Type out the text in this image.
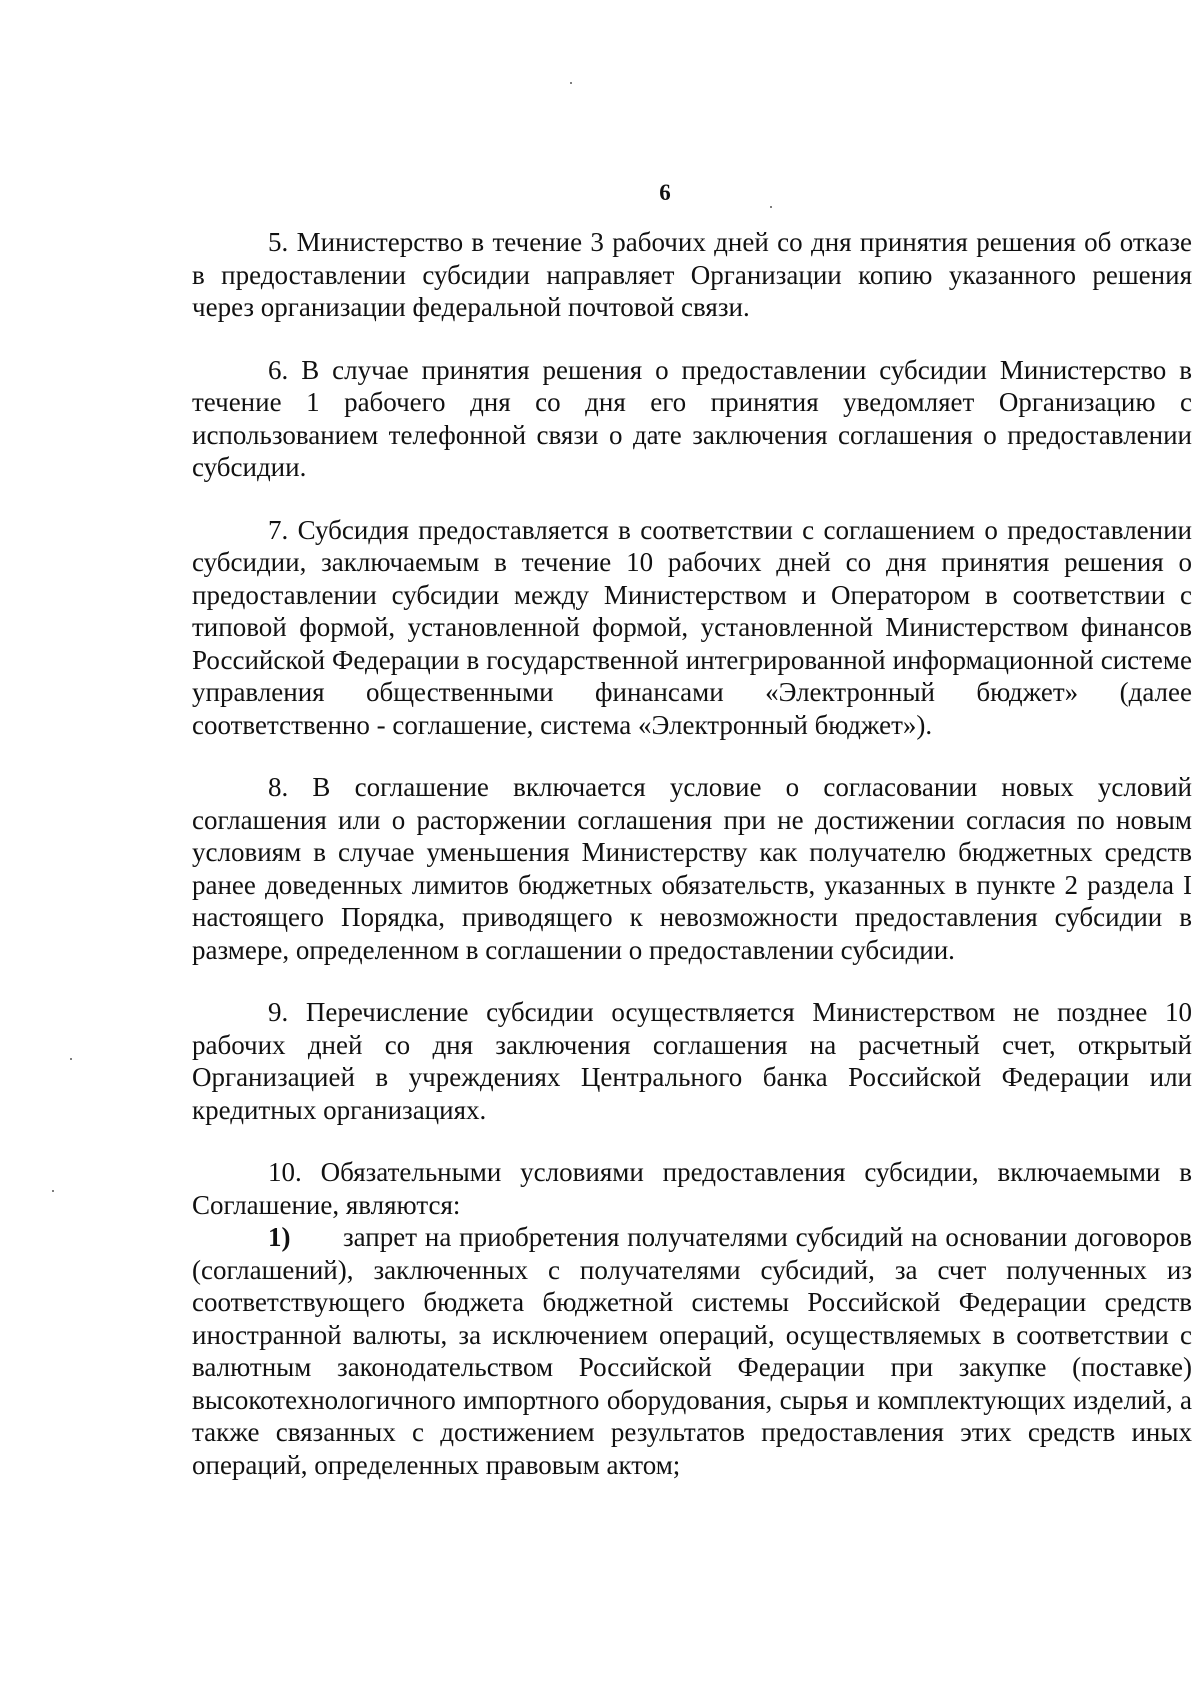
6

5. Министерство в течение 3 рабочих дней со дня принятия решения об отказе в предоставлении субсидии направляет Организации копию указанного решения через организации федеральной почтовой связи.

6. В случае принятия решения о предоставлении субсидии Министерство в течение 1 рабочего дня со дня его принятия уведомляет Организацию с использованием телефонной связи о дате заключения соглашения о предоставлении субсидии.

7. Субсидия предоставляется в соответствии с соглашением о предоставлении субсидии, заключаемым в течение 10 рабочих дней со дня принятия решения о предоставлении субсидии между Министерством и Оператором в соответствии с типовой формой, установленной формой, установленной Министерством финансов Российской Федерации в государственной интегрированной информационной системе управления общественными финансами «Электронный бюджет» (далее соответственно - соглашение, система «Электронный бюджет»).

8. В соглашение включается условие о согласовании новых условий соглашения или о расторжении соглашения при не достижении согласия по новым условиям в случае уменьшения Министерству как получателю бюджетных средств ранее доведенных лимитов бюджетных обязательств, указанных в пункте 2 раздела I настоящего Порядка, приводящего к невозможности предоставления субсидии в размере, определенном в соглашении о предоставлении субсидии.

9. Перечисление субсидии осуществляется Министерством не позднее 10 рабочих дней со дня заключения соглашения на расчетный счет, открытый Организацией в учреждениях Центрального банка Российской Федерации или кредитных организациях.

10. Обязательными условиями предоставления субсидии, включаемыми в Соглашение, являются:

1) запрет на приобретения получателями субсидий на основании договоров (соглашений), заключенных с получателями субсидий, за счет полученных из соответствующего бюджета бюджетной системы Российской Федерации средств иностранной валюты, за исключением операций, осуществляемых в соответствии с валютным законодательством Российской Федерации при закупке (поставке) высокотехнологичного импортного оборудования, сырья и комплектующих изделий, а также связанных с достижением результатов предоставления этих средств иных операций, определенных правовым актом;
